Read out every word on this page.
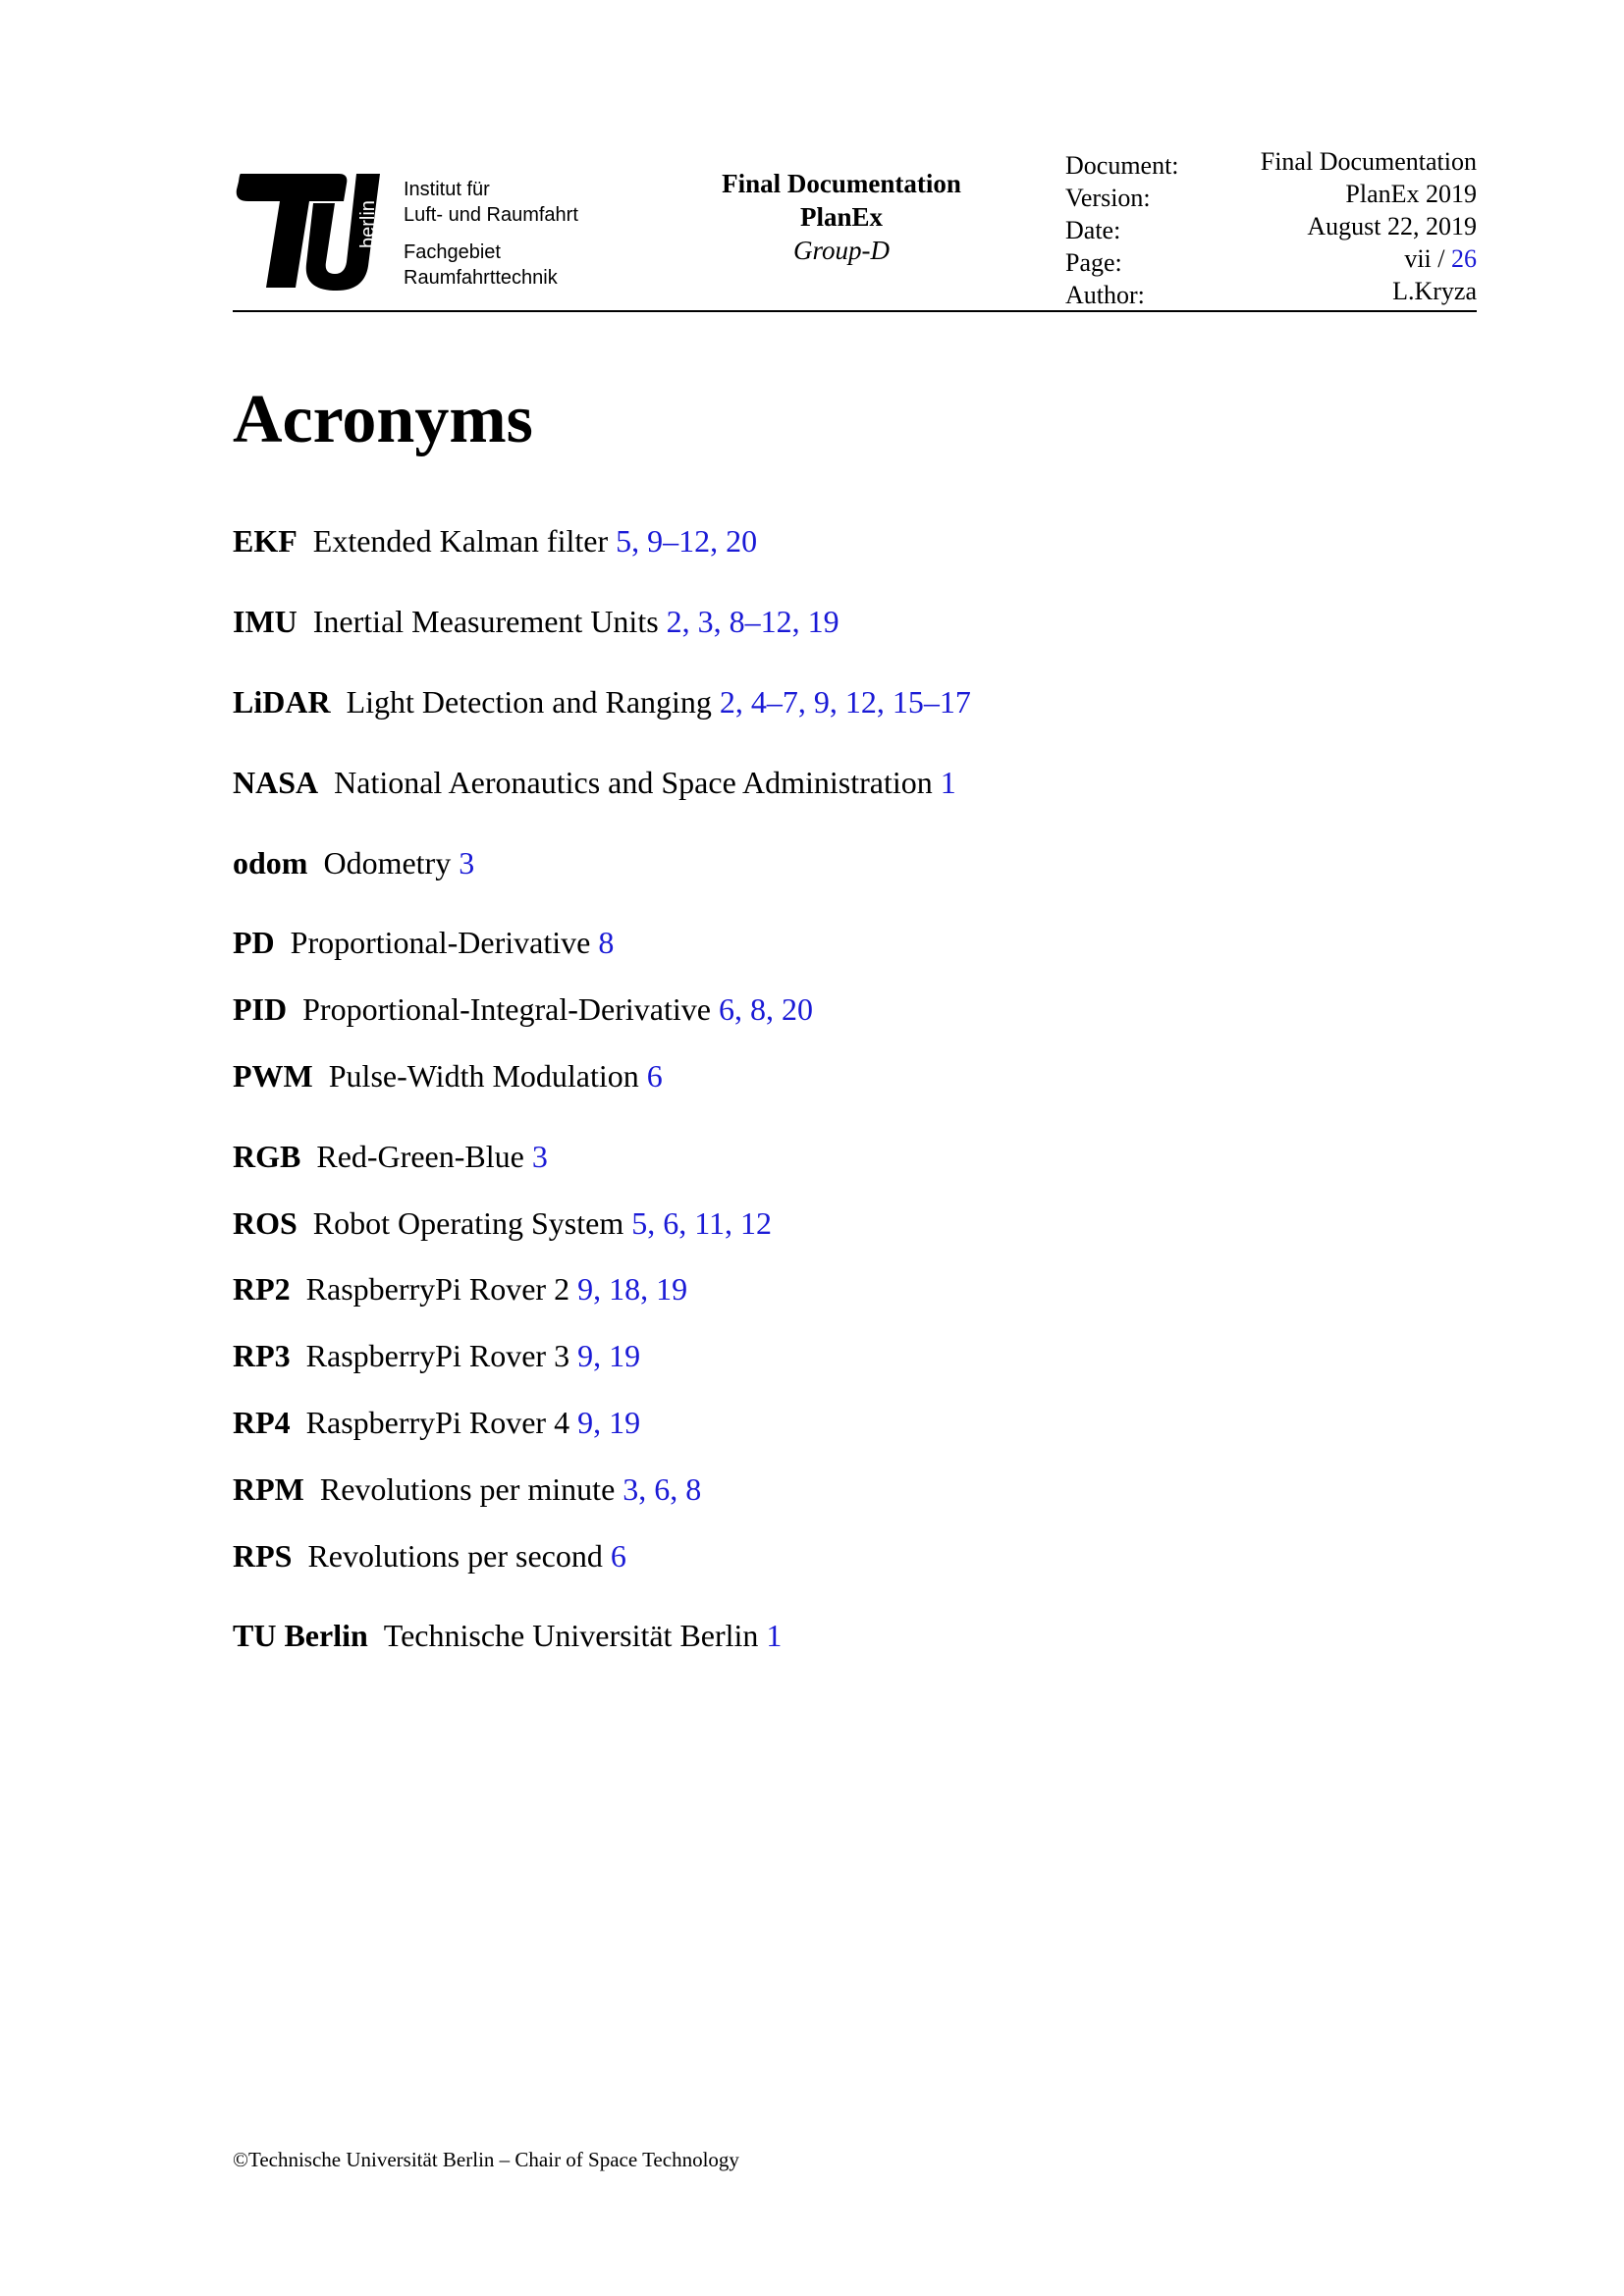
berlin
Institut für
Luft- und Raumfahrt
Fachgebiet
Raumfahrttechnik
Final Documentation
PlanEx
Group-D
Document:	Final Documentation
Version:	PlanEx 2019
Date:	August 22, 2019
Page:	vii / 26
Author:	L.Kryza
Acronyms
EKF Extended Kalman filter 5, 9–12, 20
IMU Inertial Measurement Units 2, 3, 8–12, 19
LiDAR Light Detection and Ranging 2, 4–7, 9, 12, 15–17
NASA National Aeronautics and Space Administration 1
odom Odometry 3
PD Proportional-Derivative 8
PID Proportional-Integral-Derivative 6, 8, 20
PWM Pulse-Width Modulation 6
RGB Red-Green-Blue 3
ROS Robot Operating System 5, 6, 11, 12
RP2 RaspberryPi Rover 2 9, 18, 19
RP3 RaspberryPi Rover 3 9, 19
RP4 RaspberryPi Rover 4 9, 19
RPM Revolutions per minute 3, 6, 8
RPS Revolutions per second 6
TU Berlin Technische Universität Berlin 1
©Technische Universität Berlin – Chair of Space Technology
